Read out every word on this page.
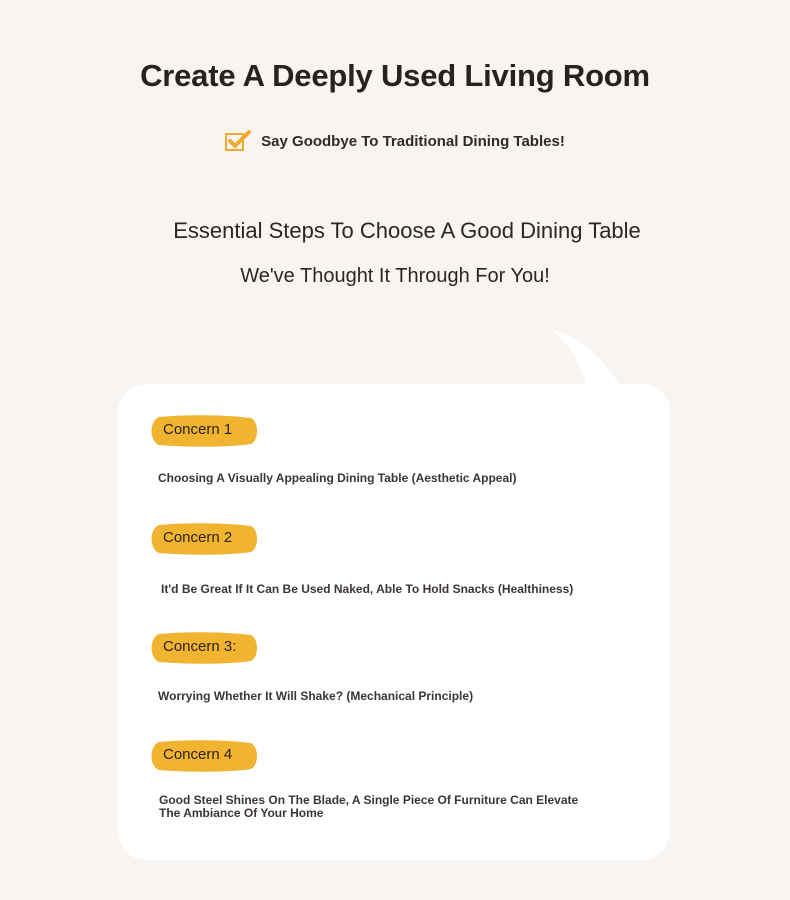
Create A Deeply Used Living Room
Say Goodbye To Traditional Dining Tables!
Essential Steps To Choose A Good Dining Table
We've Thought It Through For You!
Concern 1
Choosing A Visually Appealing Dining Table (Aesthetic Appeal)
Concern 2
It'd Be Great If It Can Be Used Naked, Able To Hold Snacks (Healthiness)
Concern 3:
Worrying Whether It Will Shake? (Mechanical Principle)
Concern 4
Good Steel Shines On The Blade, A Single Piece Of Furniture Can Elevate The Ambiance Of Your Home
